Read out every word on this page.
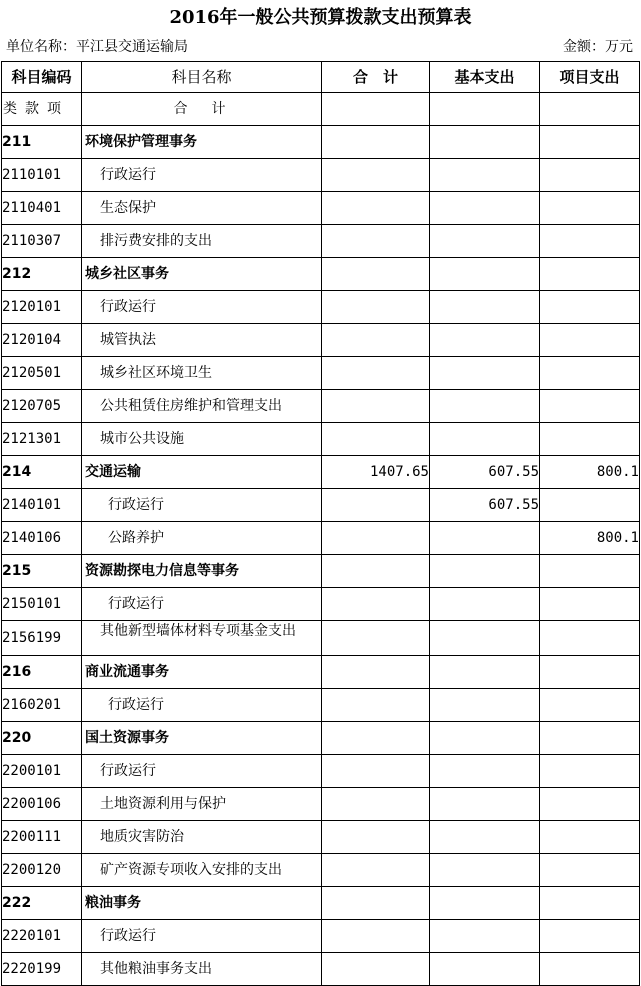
2016年一般公共预算拨款支出预算表
单位名称：平江县交通运输局	金额：万元
科目编码	科目名称	合　计	基本支出	项目支出
类款项	合计			
211	环境保护管理事务			
2110101	行政运行			
2110401	生态保护			
2110307	排污费安排的支出			
212	城乡社区事务			
2120101	行政运行			
2120104	城管执法			
2120501	城乡社区环境卫生			
2120705	公共租赁住房维护和管理支出			
2121301	城市公共设施			
214	交通运输	1407.65	607.55	800.1
2140101	行政运行		607.55	
2140106	公路养护			800.1
215	资源勘探电力信息等事务			
2150101	行政运行			
2156199	其他新型墙体材料专项基金支出			
216	商业流通事务			
2160201	行政运行			
220	国土资源事务			
2200101	行政运行			
2200106	土地资源利用与保护			
2200111	地质灾害防治			
2200120	矿产资源专项收入安排的支出			
222	粮油事务			
2220101	行政运行			
2220199	其他粮油事务支出			
